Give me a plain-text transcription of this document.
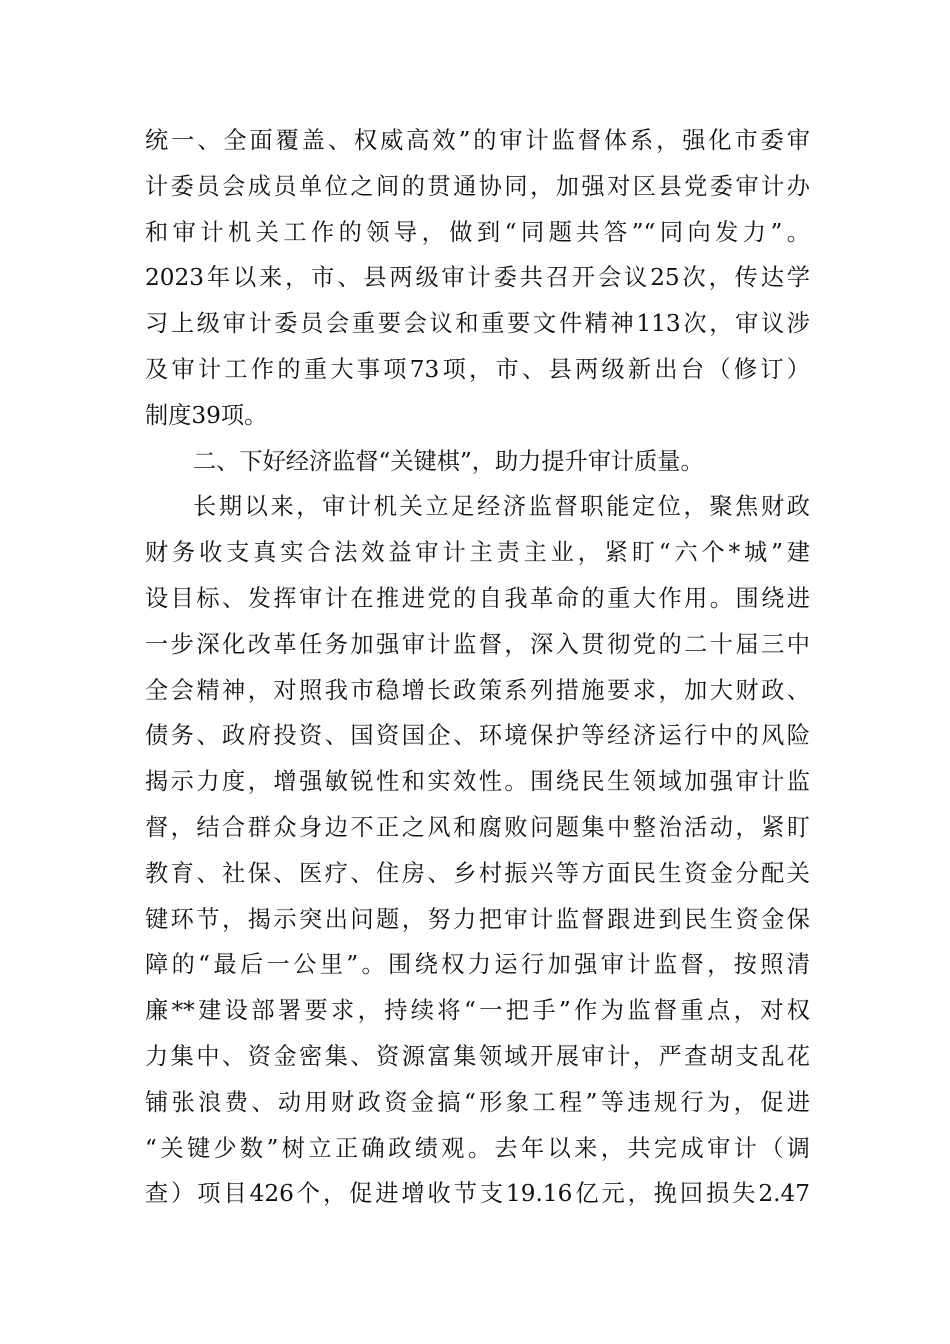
统一、全面覆盖、权威高效”的审计监督体系，强化市委审
计委员会成员单位之间的贯通协同，加强对区县党委审计办
和审计机关工作的领导，做到“同题共答”“同向发力”。
2023年以来，市、县两级审计委共召开会议25次，传达学
习上级审计委员会重要会议和重要文件精神113次，审议涉
及审计工作的重大事项73项，市、县两级新出台（修订）
制度39项。
二、下好经济监督“关键棋”，助力提升审计质量。
长期以来，审计机关立足经济监督职能定位，聚焦财政
财务收支真实合法效益审计主责主业，紧盯“六个*城”建
设目标、发挥审计在推进党的自我革命的重大作用。围绕进
一步深化改革任务加强审计监督，深入贯彻党的二十届三中
全会精神，对照我市稳增长政策系列措施要求，加大财政、
债务、政府投资、国资国企、环境保护等经济运行中的风险
揭示力度，增强敏锐性和实效性。围绕民生领域加强审计监
督，结合群众身边不正之风和腐败问题集中整治活动，紧盯
教育、社保、医疗、住房、乡村振兴等方面民生资金分配关
键环节，揭示突出问题，努力把审计监督跟进到民生资金保
障的“最后一公里”。围绕权力运行加强审计监督，按照清
廉**建设部署要求，持续将“一把手”作为监督重点，对权
力集中、资金密集、资源富集领域开展审计，严查胡支乱花
铺张浪费、动用财政资金搞“形象工程”等违规行为，促进
“关键少数”树立正确政绩观。去年以来，共完成审计（调
查）项目426个，促进增收节支19.16亿元，挽回损失2.47
